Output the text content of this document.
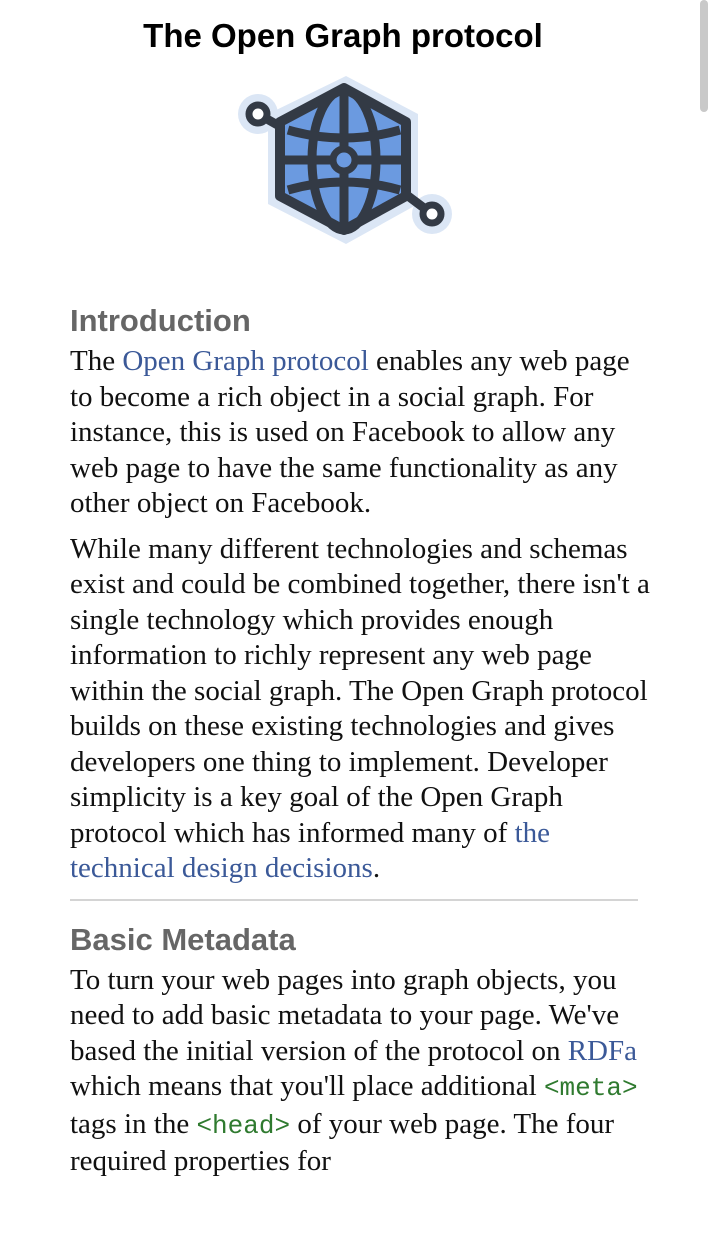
The Open Graph protocol
Introduction

The Open Graph protocol enables any web page to become a rich object in a social graph. For instance, this is used on Facebook to allow any web page to have the same functionality as any other object on Facebook.

While many different technologies and schemas exist and could be combined together, there isn't a single technology which provides enough information to richly represent any web page within the social graph. The Open Graph protocol builds on these existing technologies and gives developers one thing to implement. Developer simplicity is a key goal of the Open Graph protocol which has informed many of the technical design decisions.

Basic Metadata

To turn your web pages into graph objects, you need to add basic metadata to your page. We've based the initial version of the protocol on RDFa which means that you'll place additional <meta> tags in the <head> of your web page. The four required properties for
